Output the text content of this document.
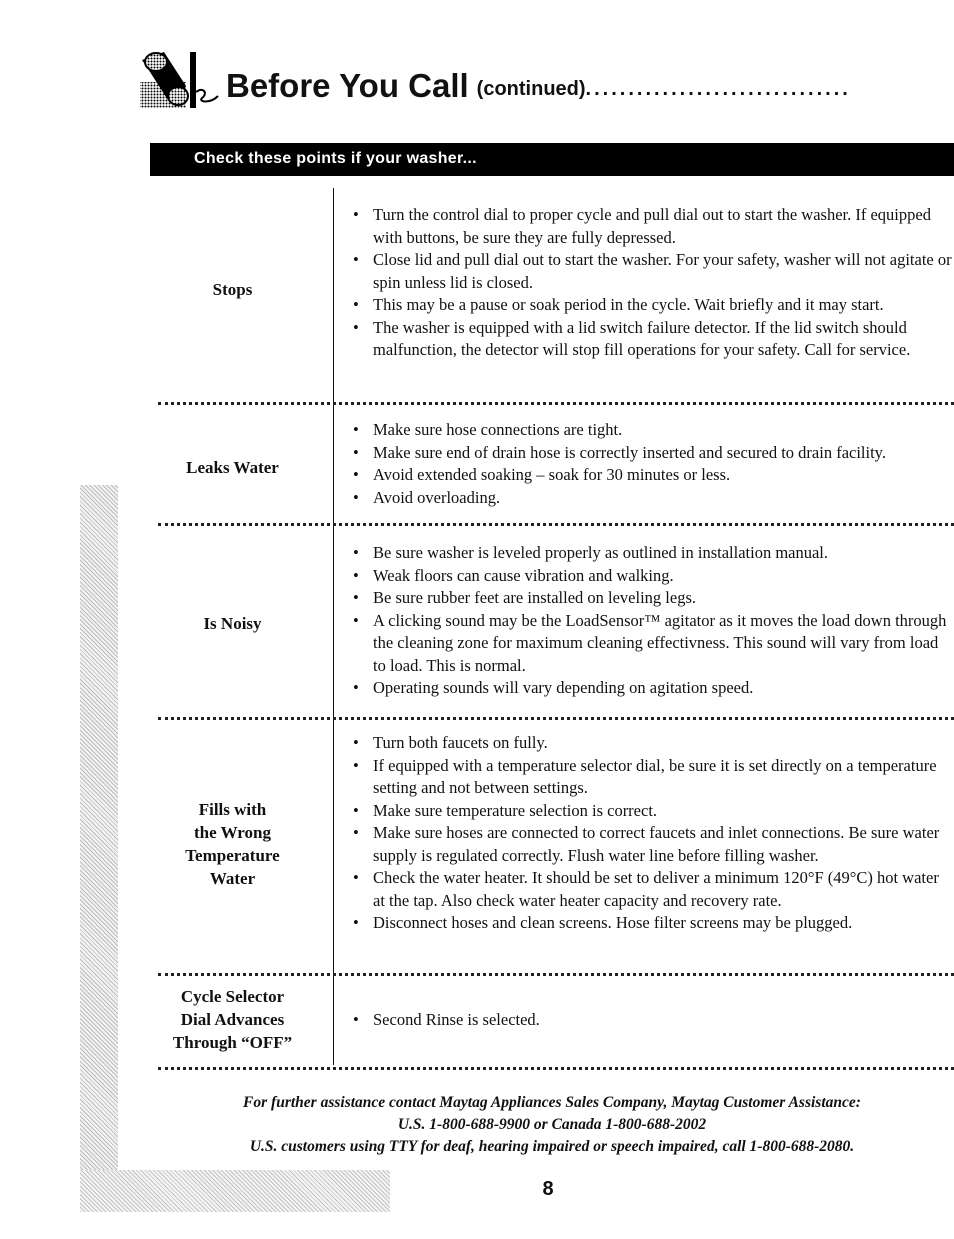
Before You Call (continued) ...............................
Check these points if your washer...
Stops
• Turn the control dial to proper cycle and pull dial out to start the washer. If equipped with buttons, be sure they are fully depressed.
• Close lid and pull dial out to start the washer. For your safety, washer will not agitate or spin unless lid is closed.
• This may be a pause or soak period in the cycle. Wait briefly and it may start.
• The washer is equipped with a lid switch failure detector. If the lid switch should malfunction, the detector will stop fill operations for your safety. Call for service.
Leaks Water
• Make sure hose connections are tight.
• Make sure end of drain hose is correctly inserted and secured to drain facility.
• Avoid extended soaking – soak for 30 minutes or less.
• Avoid overloading.
Is Noisy
• Be sure washer is leveled properly as outlined in installation manual.
• Weak floors can cause vibration and walking.
• Be sure rubber feet are installed on leveling legs.
• A clicking sound may be the LoadSensor™ agitator as it moves the load down through the cleaning zone for maximum cleaning effectivness. This sound will vary from load to load. This is normal.
• Operating sounds will vary depending on agitation speed.
Fills with
the Wrong
Temperature
Water
• Turn both faucets on fully.
• If equipped with a temperature selector dial, be sure it is set directly on a temperature setting and not between settings.
• Make sure temperature selection is correct.
• Make sure hoses are connected to correct faucets and inlet connections. Be sure water supply is regulated correctly. Flush water line before filling washer.
• Check the water heater. It should be set to deliver a minimum 120°F (49°C) hot water at the tap. Also check water heater capacity and recovery rate.
• Disconnect hoses and clean screens. Hose filter screens may be plugged.
Cycle Selector
Dial Advances
Through “OFF”
• Second Rinse is selected.
For further assistance contact Maytag Appliances Sales Company, Maytag Customer Assistance:
U.S. 1-800-688-9900 or Canada 1-800-688-2002
U.S. customers using TTY for deaf, hearing impaired or speech impaired, call 1-800-688-2080.
8
